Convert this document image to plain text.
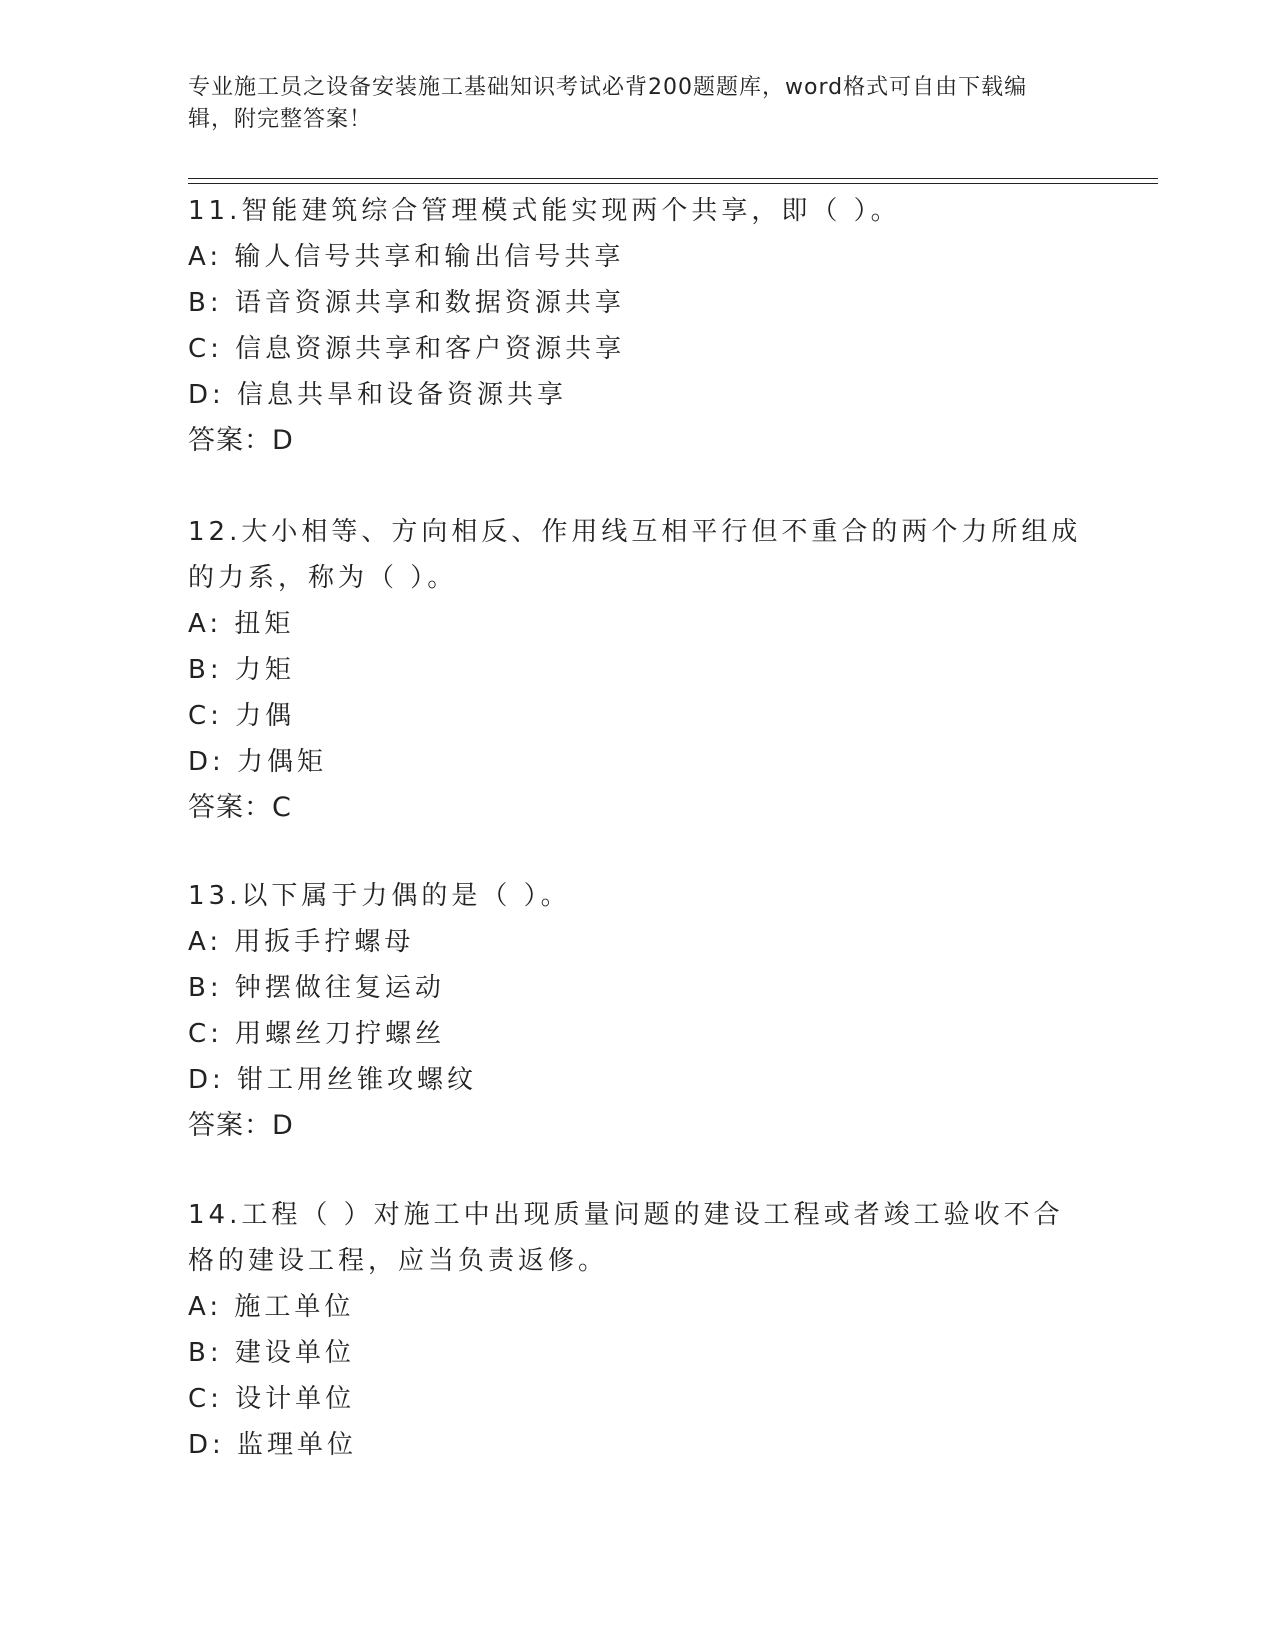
专业施工员之设备安装施工基础知识考试必背200题题库，word格式可自由下载编辑，附完整答案！
11.智能建筑综合管理模式能实现两个共享，即（ ）。
A: 输人信号共享和输出信号共享
B: 语音资源共享和数据资源共享
C: 信息资源共享和客户资源共享
D: 信息共旱和设备资源共享
答案：D
12.大小相等、方向相反、作用线互相平行但不重合的两个力所组成的力系，称为（ ）。
A: 扭矩
B: 力矩
C: 力偶
D: 力偶矩
答案：C
13.以下属于力偶的是（ ）。
A: 用扳手拧螺母
B: 钟摆做往复运动
C: 用螺丝刀拧螺丝
D: 钳工用丝锥攻螺纹
答案：D
14.工程（ ）对施工中出现质量问题的建设工程或者竣工验收不合格的建设工程，应当负责返修。
A: 施工单位
B: 建设单位
C: 设计单位
D: 监理单位
